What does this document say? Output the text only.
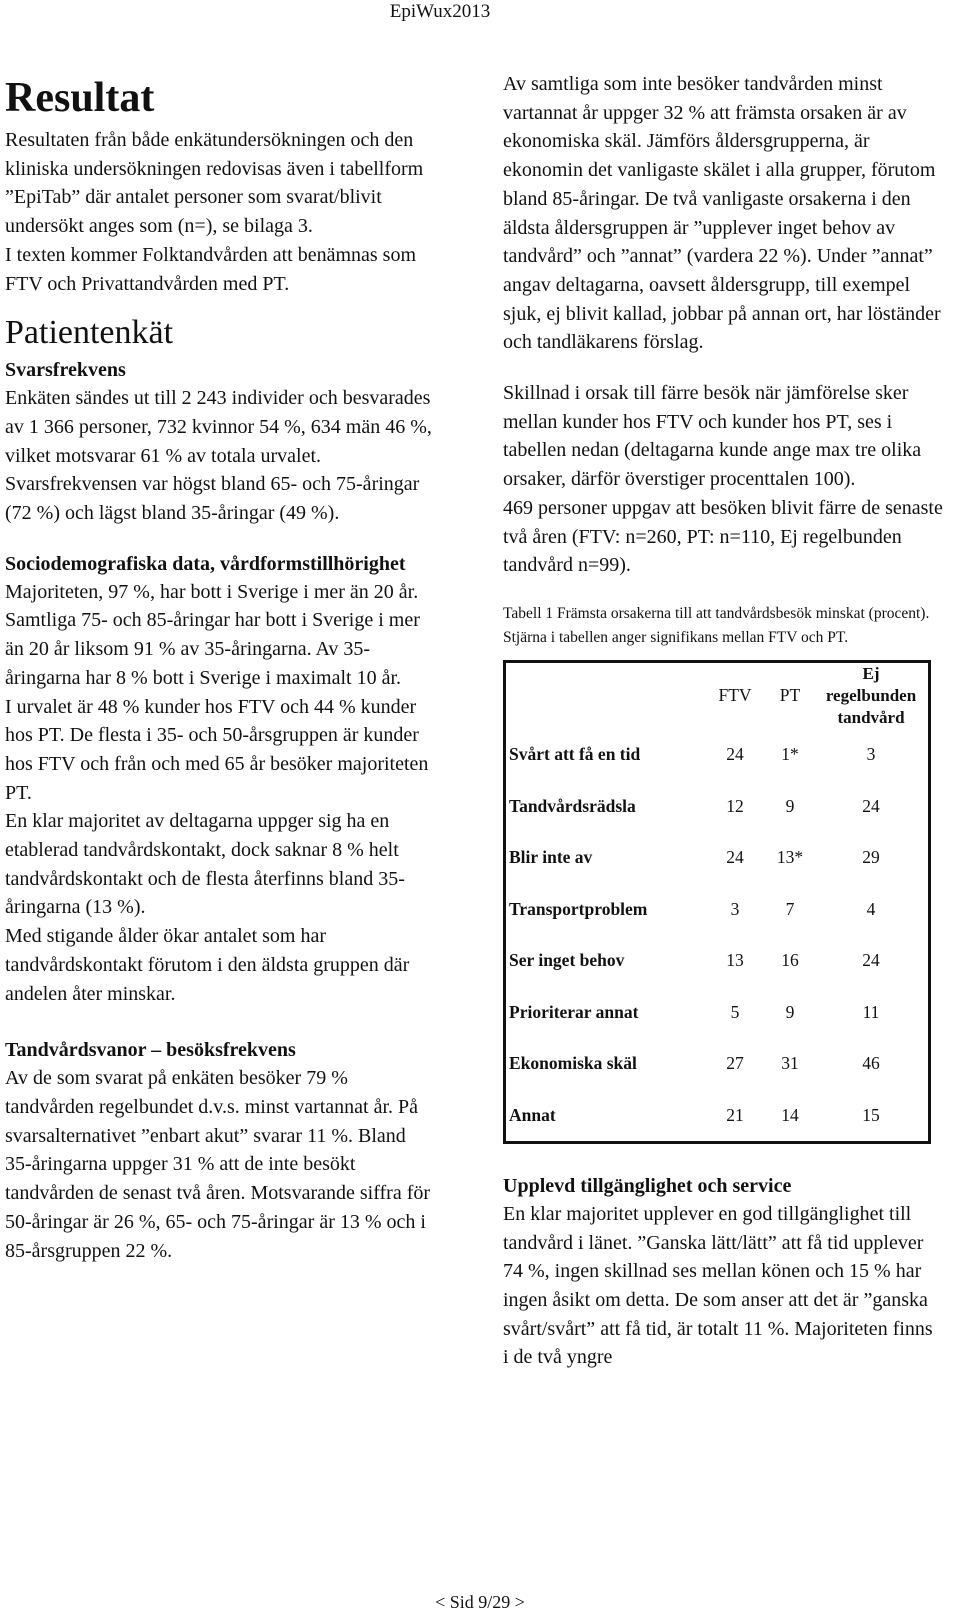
EpiWux2013
Resultat

Resultaten från både enkätundersökningen och den kliniska undersökningen redovisas även i tabellform ”EpiTab” där antalet personer som svarat/blivit undersökt anges som (n=), se bilaga 3.

I texten kommer Folktandvården att benämnas som FTV och Privattandvården med PT.

Patientenkät
Svarsfrekvens

Enkäten sändes ut till 2 243 individer och besvarades av 1 366 personer, 732 kvinnor 54 %, 634 män 46 %, vilket motsvarar 61 % av totala urvalet.

Svarsfrekvensen var högst bland 65- och 75-åringar (72 %) och lägst bland 35-åringar (49 %).

Sociodemografiska data, vårdformstillhörighet

Majoriteten, 97 %, har bott i Sverige i mer än 20 år. Samtliga 75- och 85-åringar har bott i Sverige i mer än 20 år liksom 91 % av 35-åringarna. Av 35-åringarna har 8 % bott i Sverige i maximalt 10 år.

I urvalet är 48 % kunder hos FTV och 44 % kunder hos PT. De flesta i 35- och 50-årsgruppen är kunder hos FTV och från och med 65 år besöker majoriteten PT.

En klar majoritet av deltagarna uppger sig ha en etablerad tandvårdskontakt, dock saknar 8 % helt tandvårdskontakt och de flesta återfinns bland 35-åringarna (13 %).

Med stigande ålder ökar antalet som har tandvårdskontakt förutom i den äldsta gruppen där andelen åter minskar.

Tandvårdsvanor – besöksfrekvens

Av de som svarat på enkäten besöker 79 % tandvården regelbundet d.v.s. minst vartannat år. På svarsalternativet ”enbart akut” svarar 11 %. Bland 35-åringarna uppger 31 % att de inte besökt tandvården de senast två åren. Motsvarande siffra för 50-åringar är 26 %, 65- och 75-åringar är 13 % och i 85-årsgruppen 22 %.

Av samtliga som inte besöker tandvården minst vartannat år uppger 32 % att främsta orsaken är av ekonomiska skäl. Jämförs åldersgrupperna, är ekonomin det vanligaste skälet i alla grupper, förutom bland 85-åringar. De två vanligaste orsakerna i den äldsta åldersgruppen är ”upplever inget behov av tandvård” och ”annat” (vardera 22 %). Under ”annat” angav deltagarna, oavsett åldersgrupp, till exempel sjuk, ej blivit kallad, jobbar på annan ort, har löständer och tandläkarens förslag.

Skillnad i orsak till färre besök när jämförelse sker mellan kunder hos FTV och kunder hos PT, ses i tabellen nedan (deltagarna kunde ange max tre olika orsaker, därför överstiger procenttalen 100).

469 personer uppgav att besöken blivit färre de senaste två åren (FTV: n=260, PT: n=110, Ej regelbunden tandvård n=99).

Tabell 1 Främsta orsakerna till att tandvårdsbesök minskat (procent). Stjärna i tabellen anger signifikans mellan FTV och PT.

	FTV	PT	Ej regelbunden tandvård
Svårt att få en tid	24	1*	3
Tandvårdsrädsla	12	9	24
Blir inte av	24	13*	29
Transportproblem	3	7	4
Ser inget behov	13	16	24
Prioriterar annat	5	9	11
Ekonomiska skäl	27	31	46
Annat	21	14	15
Upplevd tillgänglighet och service

En klar majoritet upplever en god tillgänglighet till tandvård i länet. ”Ganska lätt/lätt” att få tid upplever 74 %, ingen skillnad ses mellan könen och 15 % har ingen åsikt om detta. De som anser att det är ”ganska svårt/svårt” att få tid, är totalt 11 %. Majoriteten finns i de två yngre

< Sid 9/29 >
